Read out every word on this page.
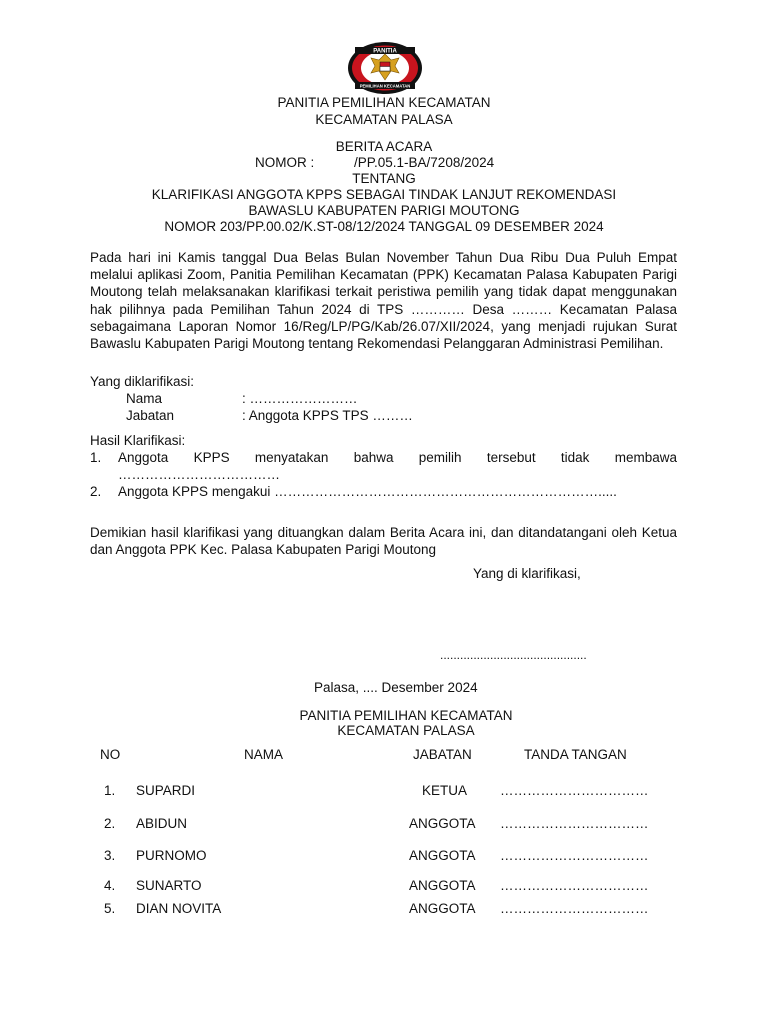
PANITIA
PEMILIHAN KECAMATAN
PANITIA PEMILIHAN KECAMATAN
KECAMATAN PALASA
BERITA ACARA
NOMOR :	/PP.05.1-BA/7208/2024
TENTANG
KLARIFIKASI ANGGOTA KPPS SEBAGAI TINDAK LANJUT REKOMENDASI
BAWASLU KABUPATEN PARIGI MOUTONG
NOMOR 203/PP.00.02/K.ST-08/12/2024 TANGGAL 09 DESEMBER 2024
Pada hari ini Kamis tanggal Dua Belas Bulan November Tahun Dua Ribu Dua Puluh Empat melalui aplikasi Zoom, Panitia Pemilihan Kecamatan (PPK) Kecamatan Palasa Kabupaten Parigi Moutong telah melaksanakan klarifikasi terkait peristiwa pemilih yang tidak dapat menggunakan hak pilihnya pada Pemilihan Tahun 2024 di TPS ………… Desa ……… Kecamatan Palasa sebagaimana Laporan Nomor 16/Reg/LP/PG/Kab/26.07/XII/2024, yang menjadi rujukan Surat Bawaslu Kabupaten Parigi Moutong tentang Rekomendasi Pelanggaran Administrasi Pemilihan.
Yang diklarifikasi:
Nama	: ……………………
Jabatan	: Anggota KPPS TPS ………
Hasil Klarifikasi:
1. Anggota KPPS menyatakan bahwa pemilih tersebut tidak membawa
………………………………
2. Anggota KPPS mengakui ……………………………………………………………….....
Demikian hasil klarifikasi yang dituangkan dalam Berita Acara ini, dan ditandatangani oleh Ketua dan Anggota PPK Kec. Palasa Kabupaten Parigi Moutong
Yang di klarifikasi,
............................................
Palasa, .... Desember 2024
PANITIA PEMILIHAN KECAMATAN
KECAMATAN PALASA
NO	NAMA	JABATAN	TANDA TANGAN
1. SUPARDI	KETUA ……………………………
2. ABIDUN	ANGGOTA ……………………………
3. PURNOMO	ANGGOTA ……………………………
4. SUNARTO	ANGGOTA ……………………………
5. DIAN NOVITA	ANGGOTA ……………………………
